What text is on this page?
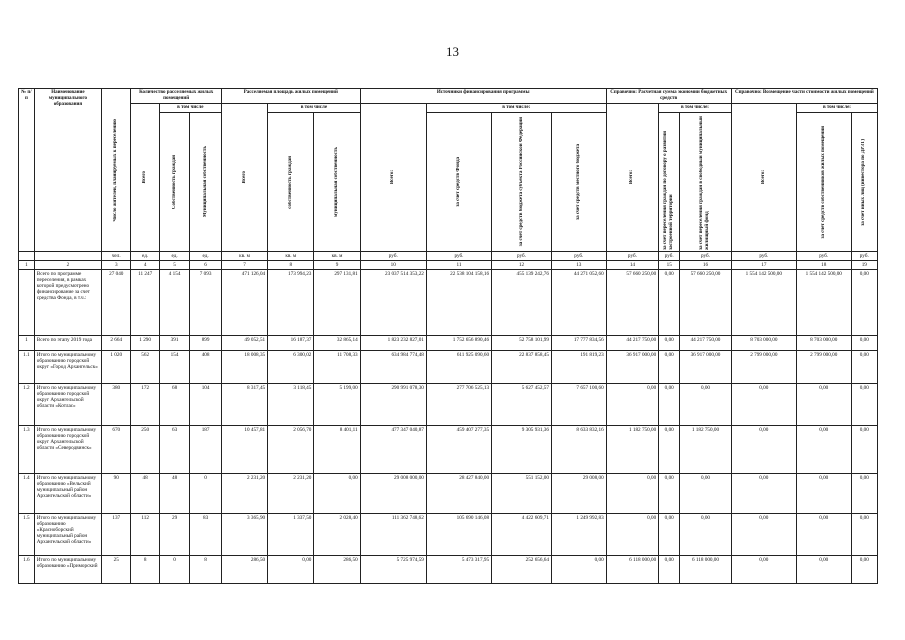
13
№ п/п	Наименование муниципального образования	Число жителей, планируемых к переселению	Количество расселяемых жилых помещений			Расселяемая площадь жилых помещений			Источники финансирования программы				Справочно: Расчетная сумма экономии бюджетных средств			Справочно: Возмещение части стоимости жилых помещений		

			Всего	в том числе		Всего	в том числе		Всего:	в том числе:			Всего:	в том числе:		Всего:	в том числе:	

				Собственность граждан	Муниципальная собственность		собственность граждан	муниципальная собственность		за счет средств Фонда	за счет средств бюджета субъекта Российской Федерации	за счет средств местного бюджета		за счет переселения граждан по договору о развитии застроенной территории	за счет переселения граждан в свободный муниципальный жилищный фонд		за счет средств собственников жилых помещений	за счет иных лиц (инвестора по ДРЗТ)

		чел.	ед.	ед.	ед.	кв. м	кв. м	кв. м	руб.	руб.	руб.	руб.	руб.	руб.	руб.	руб.	руб.	руб.
1	2	3	4	5	6	7	8	9	10	11	12	13	14	15	16	17	18	19
	Всего по программе переселения, в рамках которой предусмотрено финансирование за счет средства Фонда, в т.ч.:	27 040	11 247	4 154	7 093	471 126,04	173 994,23	297 131,81	23 037 514 353,22	22 538 104 158,16	455 139 242,76	44 271 052,60	57 660 250,00	0,00	57 660 250,00	1 554 142 500,00	1 554 142 500,00	0,00
1	Всего по этапу 2019 года	2 664	1 290	391	899	49 052,51	16 187,37	32 865,14	1 823 232 827,01	1 752 656 890,46	52 758 101,99	17 777 834,56	44 217 750,00	0,00	44 217 750,00	8 703 000,00	8 703 000,00	0,00
1.1	Итого по муниципальному образованию городской округ «Город Архангельск»	1 020	562	154	408	18 008,35	6 300,02	11 708,33	634 984 774,48	611 925 090,60	22 837 858,45	191 819,23	36 917 000,00	0,00	36 917 000,00	2 799 000,00	2 799 000,00	0,00
1.2	Итого по муниципальному образованию городской округ Архангельской области «Котлас»	380	172	68	104	8 317,45	3 118,45	5 199,00	290 991 078,30	277 706 525,13	5 627 452,57	7 657 100,60	0,00	0,00	0,00	0,00	0,00	0,00
1.3	Итого по муниципальному образованию городской округ Архангельской области «Северодвинск»	670	250	63	187	10 457,81	2 056,70	8 401,11	477 347 040,87	459 407 277,35	9 305 931,36	8 633 832,16	1 182 750,00	0,00	1 182 750,00	0,00	0,00	0,00
1.4	Итого по муниципальному образованию «Вельский муниципальный район Архангельской области»	90	48	48	0	2 231,20	2 231,20	0,00	29 008 000,00	28 427 840,00	551 152,00	29 008,00	0,00	0,00	0,00	0,00	0,00	0,00
1.5	Итого по муниципальному образованию «Красноборский муниципальный район Архангельской области»	137	112	29	83	3 365,90	1 337,50	2 028,40	111 362 748,62	105 690 146,08	4 422 609,71	1 249 992,83	0,00	0,00	0,00	0,00	0,00	0,00
1.6	Итого по муниципальному образованию «Приморский	25	8	0	8	286,50	0,00	286,50	5 725 974,59	5 473 317,95	252 656,64	0,00	6 118 000,00	0,00	6 118 000,00	0,00	0,00	0,00
